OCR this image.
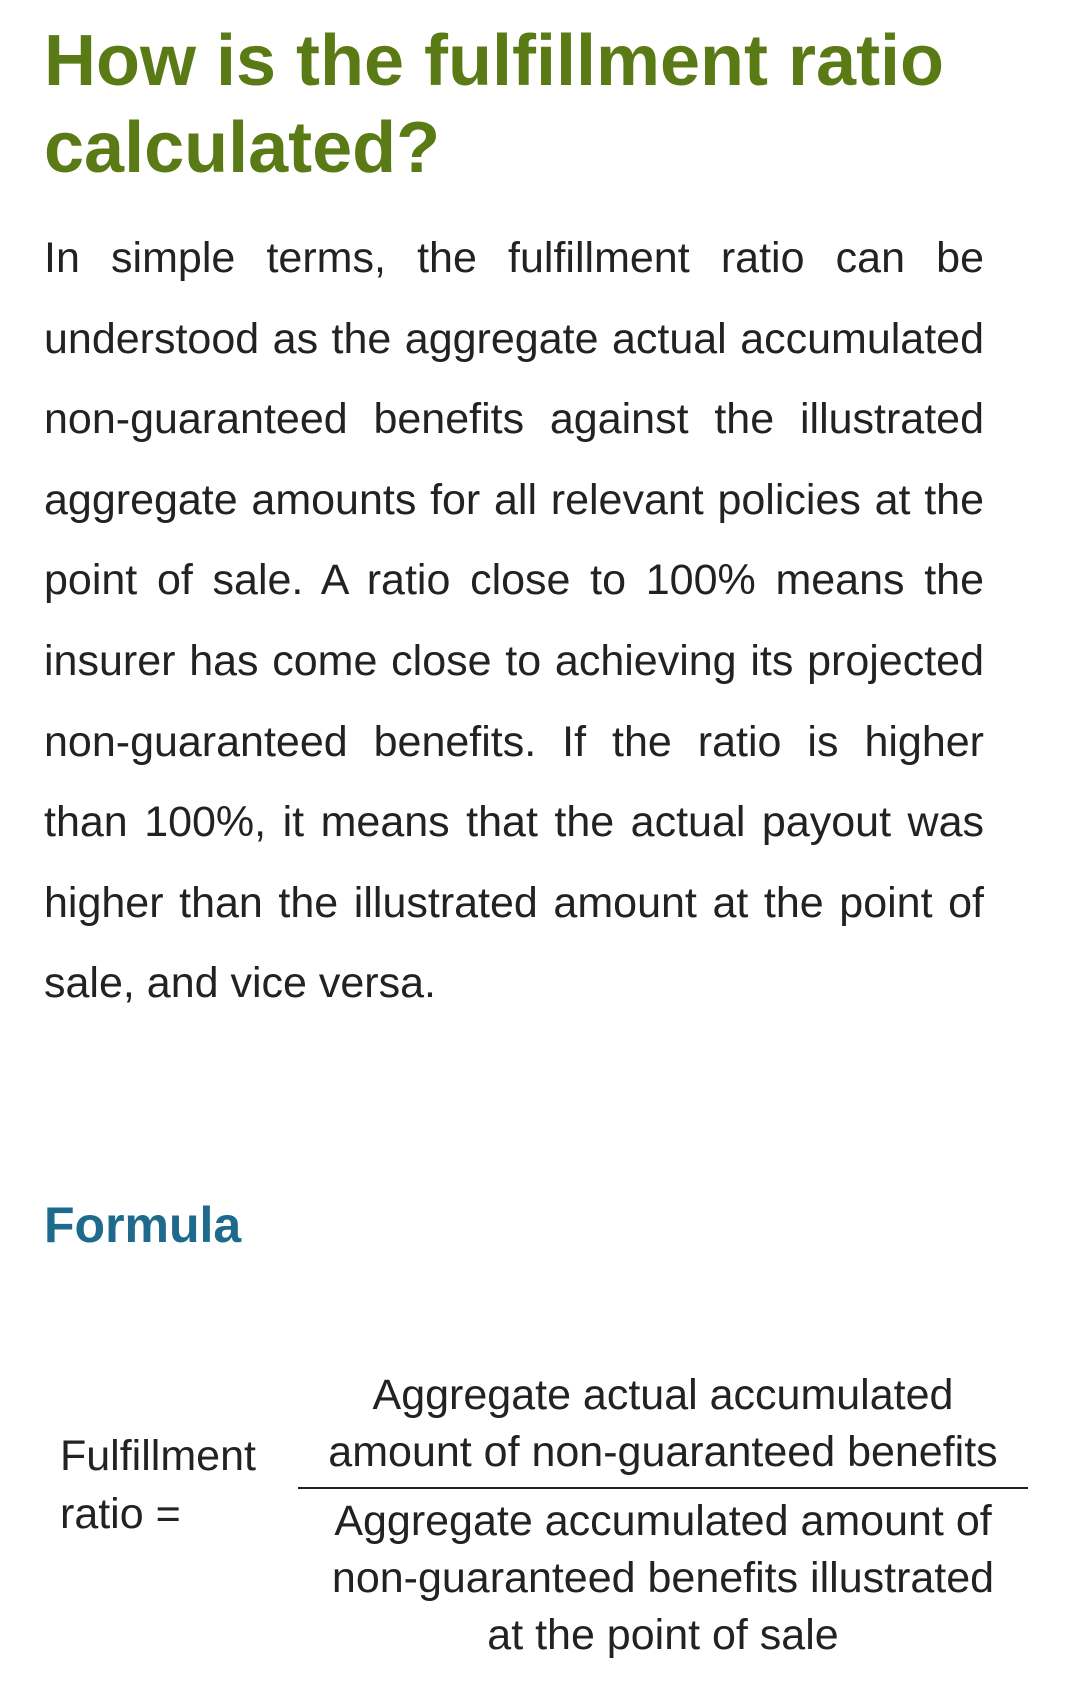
How is the fulfillment ratio calculated?

In simple terms, the fulfillment ratio can be understood as the aggregate actual accumulated non-guaranteed benefits against the illustrated aggregate amounts for all relevant policies at the point of sale. A ratio close to 100% means the insurer has come close to achieving its projected non-guaranteed benefits. If the ratio is higher than 100%, it means that the actual payout was higher than the illustrated amount at the point of sale, and vice versa.

Formula
Fulfillment ratio =
Aggregate actual accumulated amount of non-guaranteed benefits
Aggregate accumulated amount of non-guaranteed benefits illustrated at the point of sale
